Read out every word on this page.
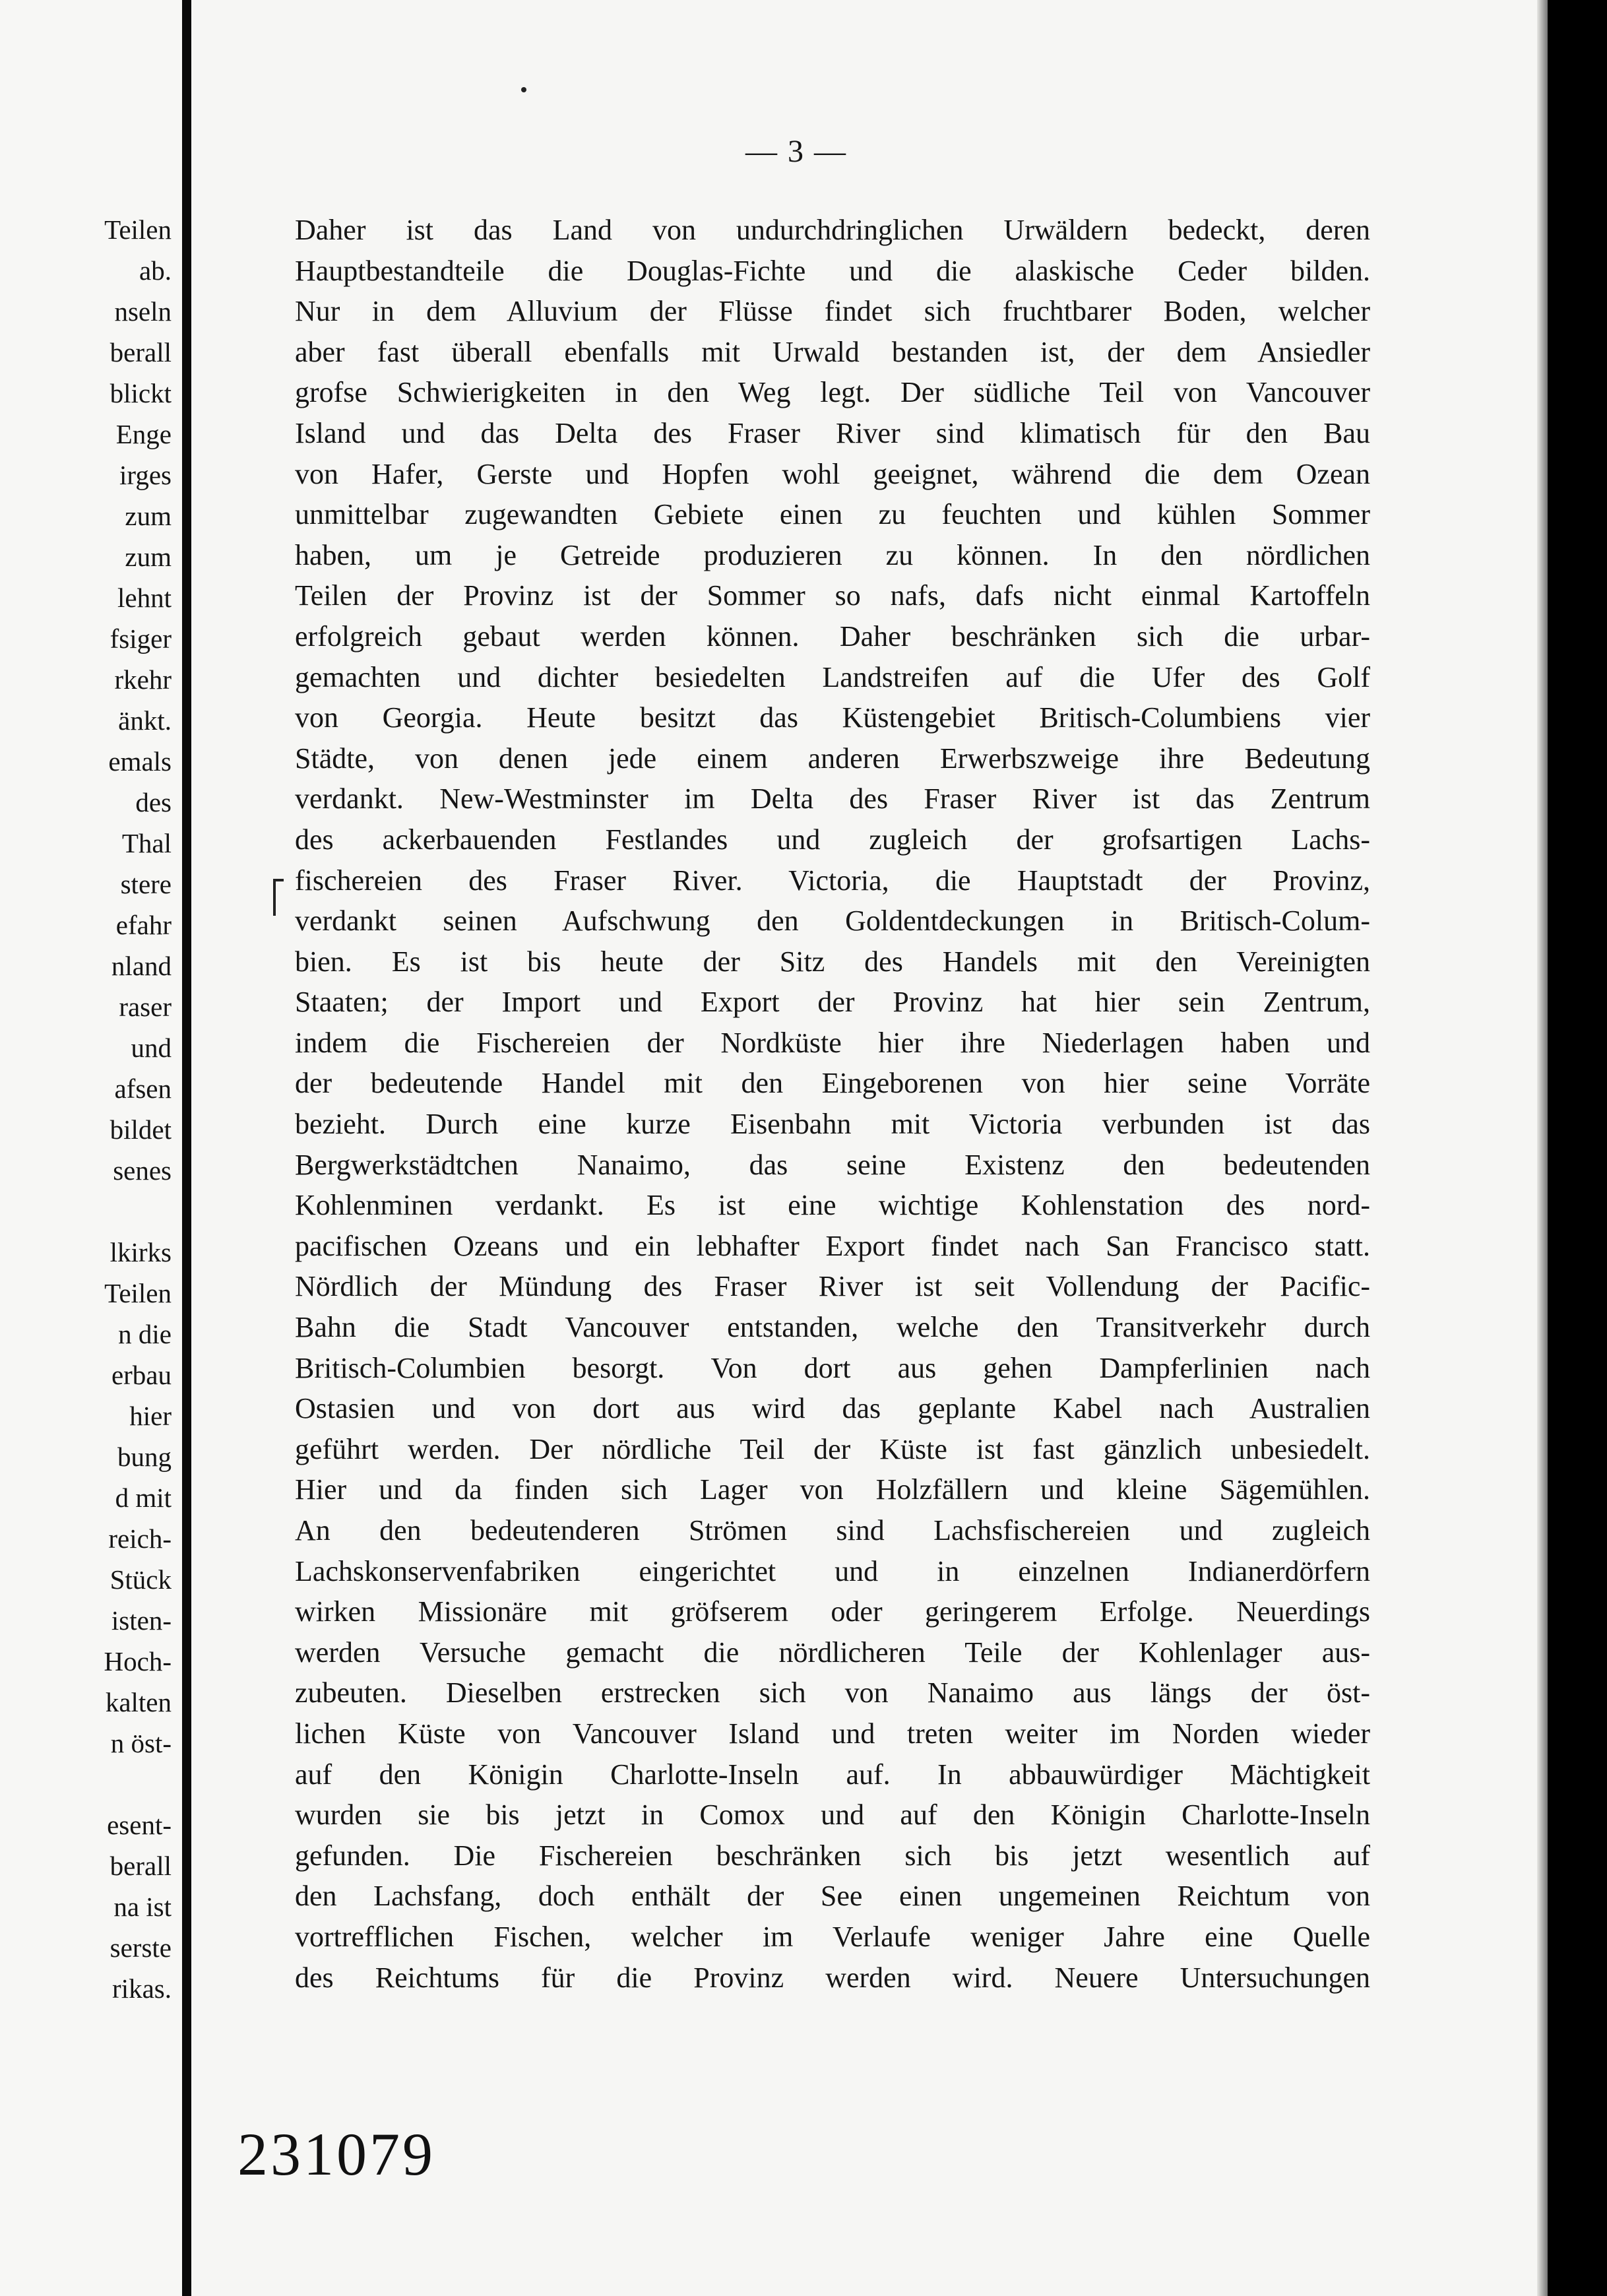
Teilen
ab.
nseln
berall
blickt
Enge
irges
zum
zum
lehnt
fsiger
rkehr
änkt.
emals
des
Thal
stere
efahr
nland
raser
und
afsen
bildet
senes
lkirks
Teilen
n die
erbau
hier
bung
d mit
reich-
Stück
isten-
Hoch-
kalten
n öst-
esent-
berall
na ist
serste
rikas.
— 3 —
Daher ist das Land von undurchdringlichen Urwäldern bedeckt, deren
Hauptbestandteile die Douglas-Fichte und die alaskische Ceder bilden.
Nur in dem Alluvium der Flüsse findet sich fruchtbarer Boden, welcher
aber fast überall ebenfalls mit Urwald bestanden ist, der dem Ansiedler
grofse Schwierigkeiten in den Weg legt. Der südliche Teil von Vancouver
Island und das Delta des Fraser River sind klimatisch für den Bau
von Hafer, Gerste und Hopfen wohl geeignet, während die dem Ozean
unmittelbar zugewandten Gebiete einen zu feuchten und kühlen Sommer
haben, um je Getreide produzieren zu können. In den nördlichen
Teilen der Provinz ist der Sommer so nafs, dafs nicht einmal Kartoffeln
erfolgreich gebaut werden können. Daher beschränken sich die urbar-
gemachten und dichter besiedelten Landstreifen auf die Ufer des Golf
von Georgia. Heute besitzt das Küstengebiet Britisch-Columbiens vier
Städte, von denen jede einem anderen Erwerbszweige ihre Bedeutung
verdankt. New-Westminster im Delta des Fraser River ist das Zentrum
des ackerbauenden Festlandes und zugleich der grofsartigen Lachs-
fischereien des Fraser River. Victoria, die Hauptstadt der Provinz,
verdankt seinen Aufschwung den Goldentdeckungen in Britisch-Colum-
bien. Es ist bis heute der Sitz des Handels mit den Vereinigten
Staaten; der Import und Export der Provinz hat hier sein Zentrum,
indem die Fischereien der Nordküste hier ihre Niederlagen haben und
der bedeutende Handel mit den Eingeborenen von hier seine Vorräte
bezieht. Durch eine kurze Eisenbahn mit Victoria verbunden ist das
Bergwerkstädtchen Nanaimo, das seine Existenz den bedeutenden
Kohlenminen verdankt. Es ist eine wichtige Kohlenstation des nord-
pacifischen Ozeans und ein lebhafter Export findet nach San Francisco statt.
Nördlich der Mündung des Fraser River ist seit Vollendung der Pacific-
Bahn die Stadt Vancouver entstanden, welche den Transitverkehr durch
Britisch-Columbien besorgt. Von dort aus gehen Dampferlinien nach
Ostasien und von dort aus wird das geplante Kabel nach Australien
geführt werden. Der nördliche Teil der Küste ist fast gänzlich unbesiedelt.
Hier und da finden sich Lager von Holzfällern und kleine Sägemühlen.
An den bedeutenderen Strömen sind Lachsfischereien und zugleich
Lachskonservenfabriken eingerichtet und in einzelnen Indianerdörfern
wirken Missionäre mit gröfserem oder geringerem Erfolge. Neuerdings
werden Versuche gemacht die nördlicheren Teile der Kohlenlager aus-
zubeuten. Dieselben erstrecken sich von Nanaimo aus längs der öst-
lichen Küste von Vancouver Island und treten weiter im Norden wieder
auf den Königin Charlotte-Inseln auf. In abbauwürdiger Mächtigkeit
wurden sie bis jetzt in Comox und auf den Königin Charlotte-Inseln
gefunden. Die Fischereien beschränken sich bis jetzt wesentlich auf
den Lachsfang, doch enthält der See einen ungemeinen Reichtum von
vortrefflichen Fischen, welcher im Verlaufe weniger Jahre eine Quelle
des Reichtums für die Provinz werden wird. Neuere Untersuchungen
231079
